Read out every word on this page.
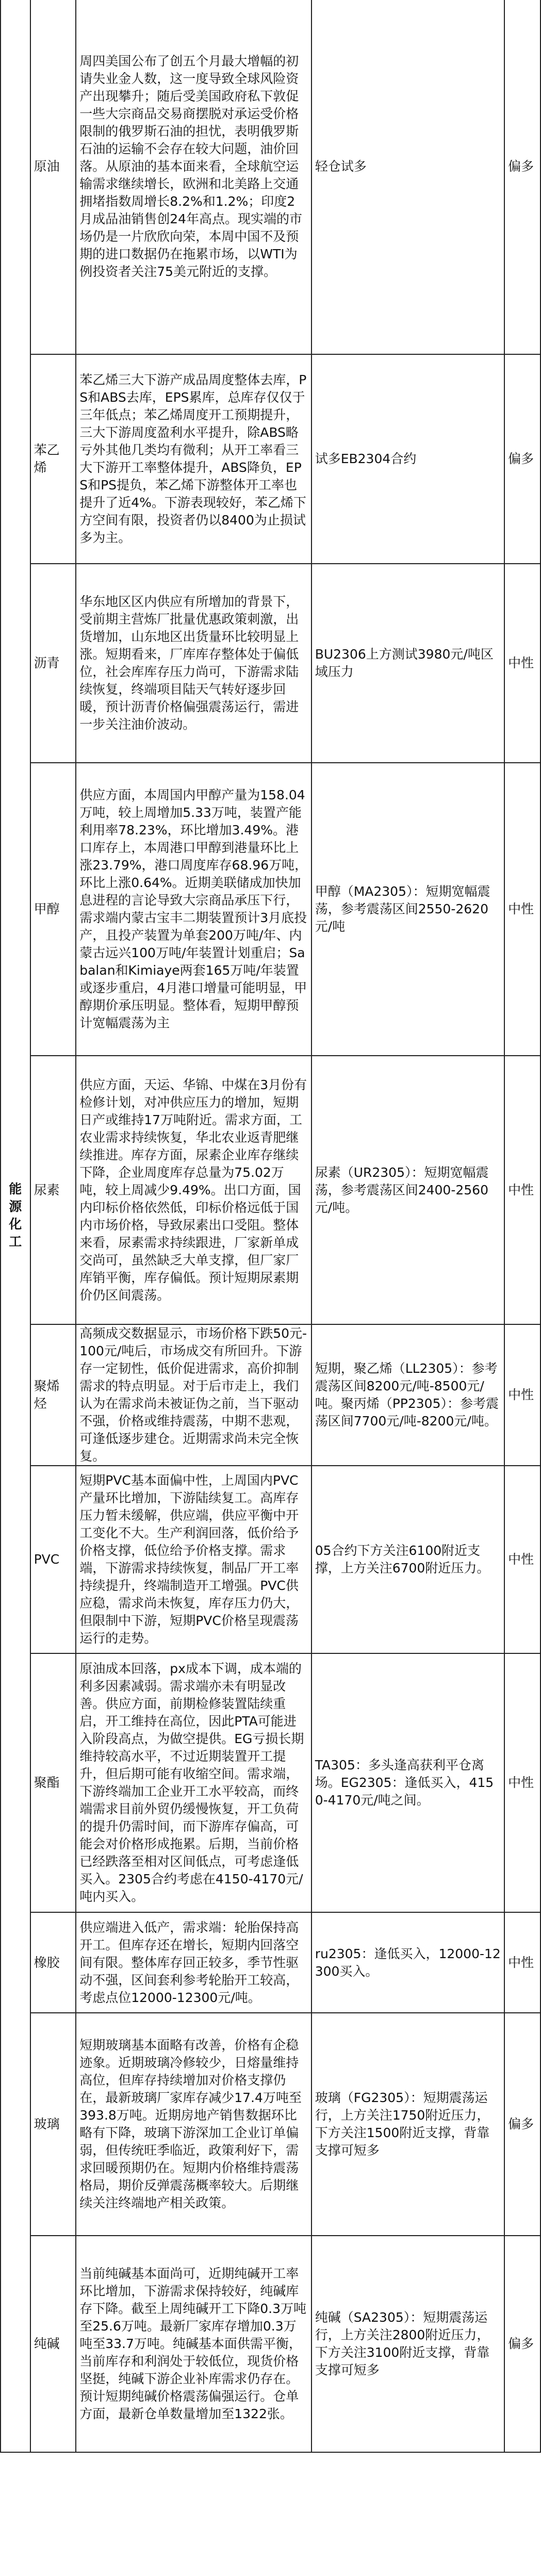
能源化工	原油	周四美国公布了创五个月最大增幅的初请失业金人数，这一度导致全球风险资产出现攀升；随后受美国政府私下敦促一些大宗商品交易商摆脱对承运受价格限制的俄罗斯石油的担忧，表明俄罗斯石油的运输不会存在较大问题，油价回落。从原油的基本面来看，全球航空运输需求继续增长，欧洲和北美路上交通拥堵指数周增长8.2%和1.2%；印度2月成品油销售创24年高点。现实端的市场仍是一片欣欣向荣，本周中国不及预期的进口数据仍在拖累市场，以WTI为例投资者关注75美元附近的支撑。	轻仓试多	偏多
	苯乙烯	苯乙烯三大下游产成品周度整体去库，PS和ABS去库，EPS累库，总库存仅仅于三年低点；苯乙烯周度开工预期提升，三大下游周度盈利水平提升，除ABS略亏外其他几类均有微利；从开工率看三大下游开工率整体提升，ABS降负，EPS和PS提负，苯乙烯下游整体开工率也提升了近4%。下游表现较好，苯乙烯下方空间有限，投资者仍以8400为止损试多为主。	试多EB2304合约	偏多
	沥青	华东地区区内供应有所增加的背景下，受前期主营炼厂批量优惠政策刺激，出货增加，山东地区出货量环比较明显上涨。短期看来，厂库库存整体处于偏低位，社会库库存压力尚可，下游需求陆续恢复，终端项目陆天气转好逐步回暖，预计沥青价格偏强震荡运行，需进一步关注油价波动。	BU2306上方测试3980元/吨区域压力	中性
	甲醇	供应方面，本周国内甲醇产量为158.04万吨，较上周增加5.33万吨，装置产能利用率78.23%，环比增加3.49%。港口库存上，本周港口甲醇到港量环比上涨23.79%，港口周度库存68.96万吨，环比上涨0.64%。近期美联储成加快加息进程的言论导致大宗商品承压下行，需求端内蒙古宝丰二期装置预计3月底投产，且投产装置为单套200万吨/年、内蒙古远兴100万吨/年装置计划重启；Sabalan和Kimiaye两套165万吨/年装置或逐步重启，4月港口增量可能明显，甲醇期价承压明显。整体看，短期甲醇预计宽幅震荡为主	甲醇（MA2305）：短期宽幅震荡，参考震荡区间2550-2620元/吨	中性
	尿素	供应方面，天运、华锦、中煤在3月份有检修计划，对冲供应压力的增加，短期日产或维持17万吨附近。需求方面，工农业需求持续恢复，华北农业返青肥继续推进。库存方面，尿素企业库存继续下降，企业周度库存总量为75.02万吨，较上周减少9.49%。出口方面，国内印标价格依然低，印标价格远低于国内市场价格，导致尿素出口受阻。整体来看，尿素需求持续跟进，厂家新单成交尚可，虽然缺乏大单支撑，但厂家厂库销平衡，库存偏低。预计短期尿素期价仍区间震荡。	尿素（UR2305）：短期宽幅震荡，参考震荡区间2400-2560元/吨。	中性
	聚烯烃	高频成交数据显示，市场价格下跌50元-100元/吨后，市场成交有所回升。下游存一定韧性，低价促进需求，高价抑制需求的特点明显。对于后市走上，我们认为在需求尚未被证伪之前，当下驱动不强，价格或维持震荡，中期不悲观，可逢低逐步建仓。近期需求尚未完全恢复。	短期，聚乙烯（LL2305）：参考震荡区间8200元/吨-8500元/吨。聚丙烯（PP2305）：参考震荡区间7700元/吨-8200元/吨。	中性
	PVC	短期PVC基本面偏中性，上周国内PVC产量环比增加，下游陆续复工。高库存压力暂未缓解，供应端，供应平衡中开工变化不大。生产利润回落，低价给予价格支撑，低位给予价格支撑。需求端，下游需求持续恢复，制品厂开工率持续提升，终端制造开工增强。PVC供应稳，需求尚未恢复，库存压力仍大，但限制中下游，短期PVC价格呈现震荡运行的走势。	05合约下方关注6100附近支撑，上方关注6700附近压力。	中性
	聚酯	原油成本回落，px成本下调，成本端的利多因素减弱。需求端亦未有明显改善。供应方面，前期检修装置陆续重启，开工维持在高位，因此PTA可能进入阶段高点，为做空提供。EG亏损长期维持较高水平，不过近期装置开工提升，但后期可能有收缩空间。需求端，下游终端加工企业开工水平较高，而终端需求目前外贸仍缓慢恢复，开工负荷的提升仍需时间，而下游库存偏高，可能会对价格形成拖累。后期，当前价格已经跌落至相对区间低点，可考虑逢低买入。2305合约考虑在4150-4170元/吨内买入。	TA305：多头逢高获利平仓离场。EG2305：逢低买入，4150-4170元/吨之间。	中性
	橡胶	供应端进入低产，需求端：轮胎保持高开工。但库存还在增长，短期内回落空间有限。整体库存回正较多，季节性驱动不强，区间套利参考轮胎开工较高，考虑点位12000-12300元/吨。	ru2305：逢低买入，12000-12300买入。	中性
	玻璃	短期玻璃基本面略有改善，价格有企稳迹象。近期玻璃冷修较少，日熔量维持高位，但库存持续增加对价格支撑仍在，最新玻璃厂家库存减少17.4万吨至393.8万吨。近期房地产销售数据环比略有下降，玻璃下游深加工企业订单偏弱，但传统旺季临近，政策利好下，需求回暖预期仍在。短期内价格维持震荡格局，期价反弹震荡概率较大。后期继续关注终端地产相关政策。	玻璃（FG2305）：短期震荡运行，上方关注1750附近压力，下方关注1500附近支撑，背靠支撑可短多	偏多
	纯碱	当前纯碱基本面尚可，近期纯碱开工率环比增加，下游需求保持较好，纯碱库存下降。截至上周纯碱开工下降0.3万吨至25.6万吨。最新厂家库存增加0.3万吨至33.7万吨。纯碱基本面供需平衡，当前库存和利润处于较低位，现货价格坚挺，纯碱下游企业补库需求仍存在。预计短期纯碱价格震荡偏强运行。仓单方面，最新仓单数量增加至1322张。	纯碱（SA2305）：短期震荡运行，上方关注2800附近压力，下方关注3100附近支撑，背靠支撑可短多	偏多
